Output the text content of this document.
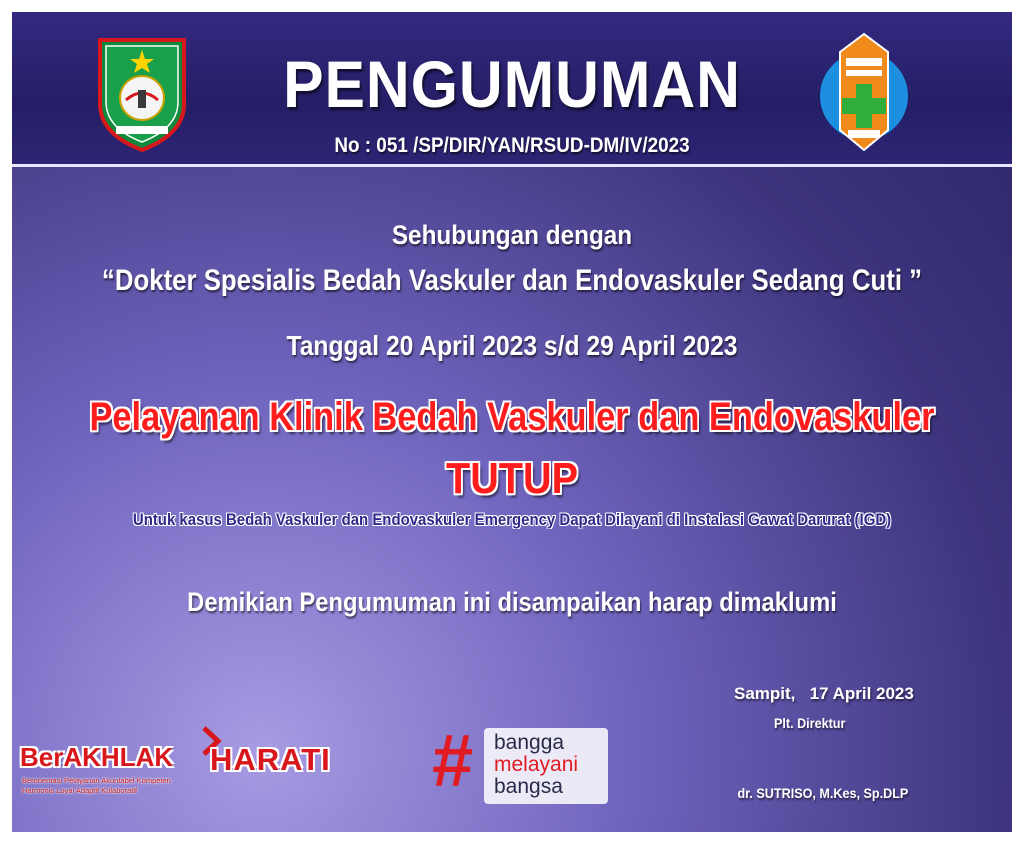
PENGUMUMAN
No : 051 /SP/DIR/YAN/RSUD-DM/IV/2023
Sehubungan dengan
“Dokter Spesialis Bedah Vaskuler dan Endovaskuler Sedang Cuti ”
Tanggal 20 April 2023 s/d 29 April 2023
Pelayanan Klinik Bedah Vaskuler dan Endovaskuler
TUTUP
Untuk kasus Bedah Vaskuler dan Endovaskuler Emergency Dapat Dilayani di Instalasi Gawat Darurat (IGD)
Demikian Pengumuman ini disampaikan harap dimaklumi
Sampit,   17 April 2023
Plt. Direktur
dr. SUTRISO, M.Kes, Sp.DLP
BerAKHLAK HARATI
Berorientasi Pelayanan Akuntabel Kompeten
Harmonis Loyal Adaptif Kolaboratif	# bangga
melayani
bangsa
